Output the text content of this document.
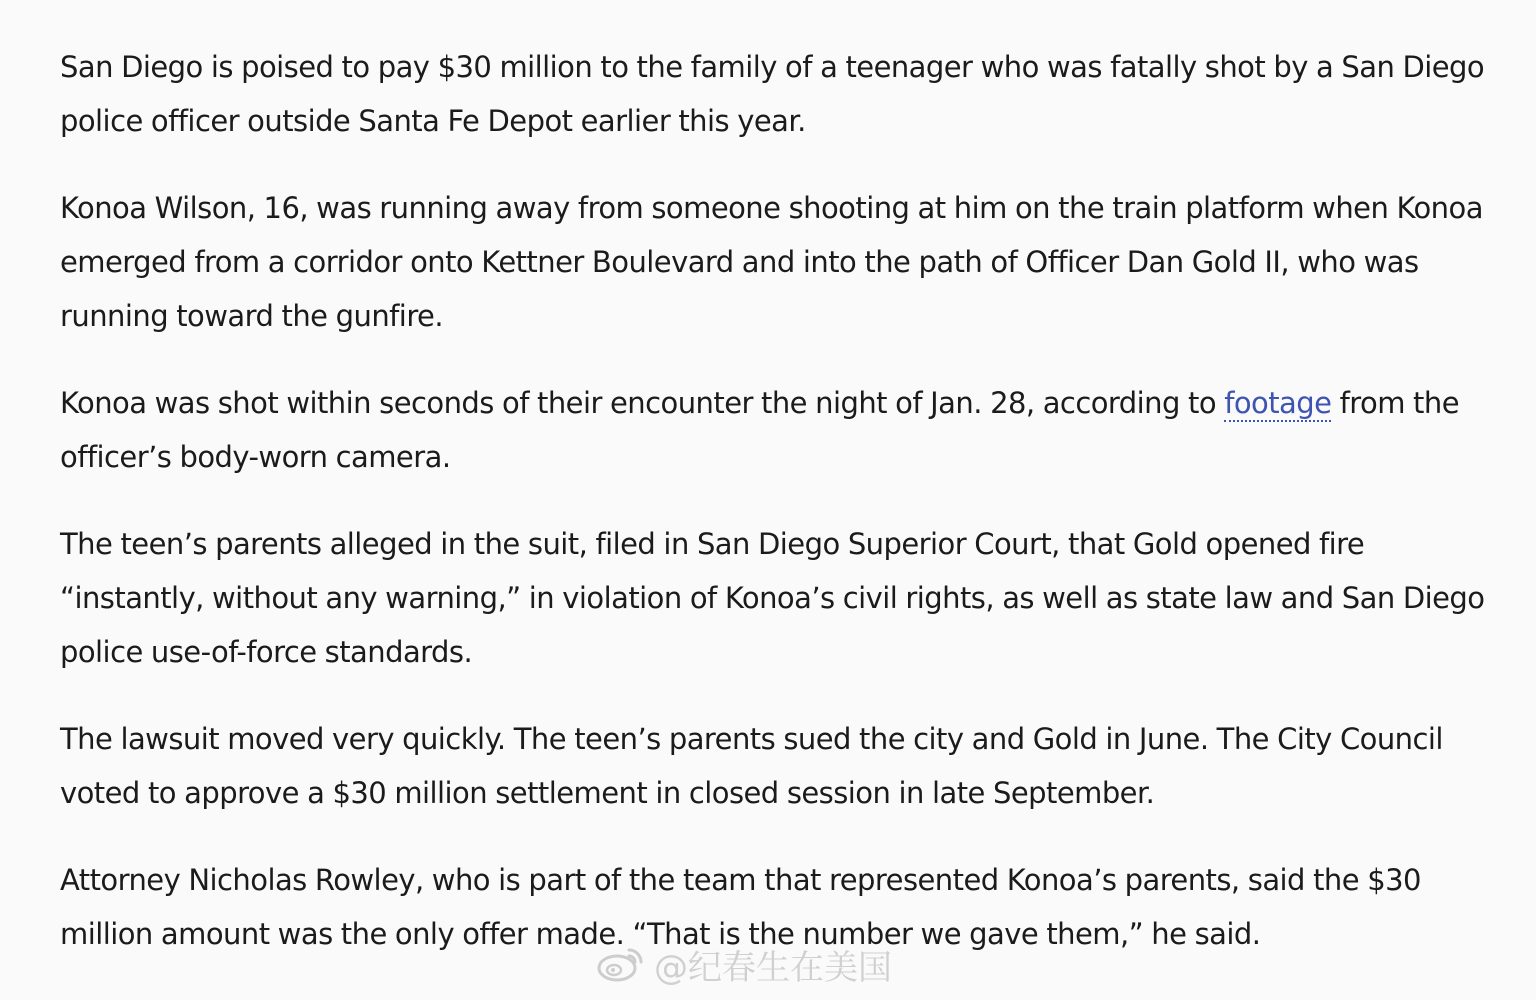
San Diego is poised to pay $30 million to the family of a teenager who was fatally shot by a San Diego police officer outside Santa Fe Depot earlier this year.

Konoa Wilson, 16, was running away from someone shooting at him on the train platform when Konoa emerged from a corridor onto Kettner Boulevard and into the path of Officer Dan Gold II, who was running toward the gunfire.

Konoa was shot within seconds of their encounter the night of Jan. 28, according to footage from the officer’s body-worn camera.

The teen’s parents alleged in the suit, filed in San Diego Superior Court, that Gold opened fire “instantly, without any warning,” in violation of Konoa’s civil rights, as well as state law and San Diego police use-of-force standards.

The lawsuit moved very quickly. The teen’s parents sued the city and Gold in June. The City Council voted to approve a $30 million settlement in closed session in late September.

Attorney Nicholas Rowley, who is part of the team that represented Konoa’s parents, said the $30 million amount was the only offer made. “That is the number we gave them,” he said.

@纪春生在美国
